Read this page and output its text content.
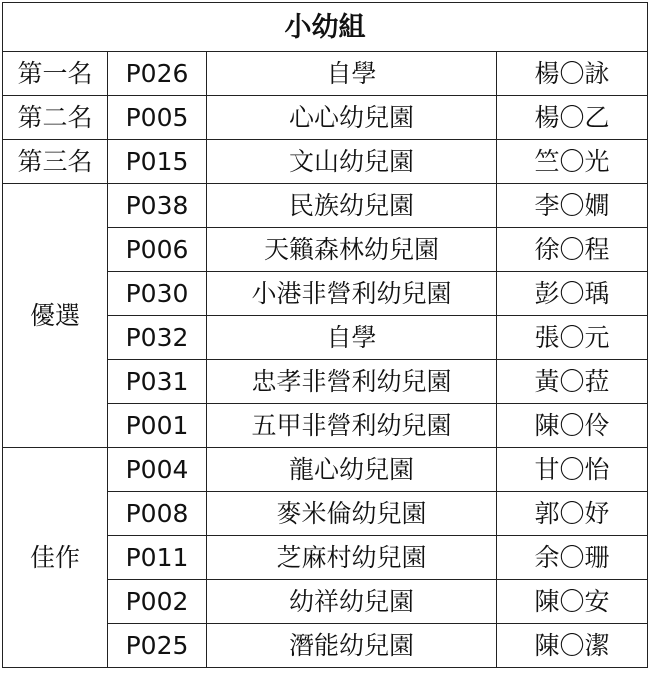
小幼組			
第一名	P026	自學	楊〇詠
第二名	P005	心心幼兒園	楊〇乙
第三名	P015	文山幼兒園	竺〇光
優選	P038	民族幼兒園	李〇嫺
	P006	天籟森林幼兒園	徐〇程
	P030	小港非營利幼兒園	彭〇瑀
	P032	自學	張〇元
	P031	忠孝非營利幼兒園	黃〇菈
	P001	五甲非營利幼兒園	陳〇伶
佳作	P004	龍心幼兒園	甘〇怡
	P008	麥米倫幼兒園	郭〇妤
	P011	芝麻村幼兒園	余〇珊
	P002	幼祥幼兒園	陳〇安
	P025	潛能幼兒園	陳〇潔
